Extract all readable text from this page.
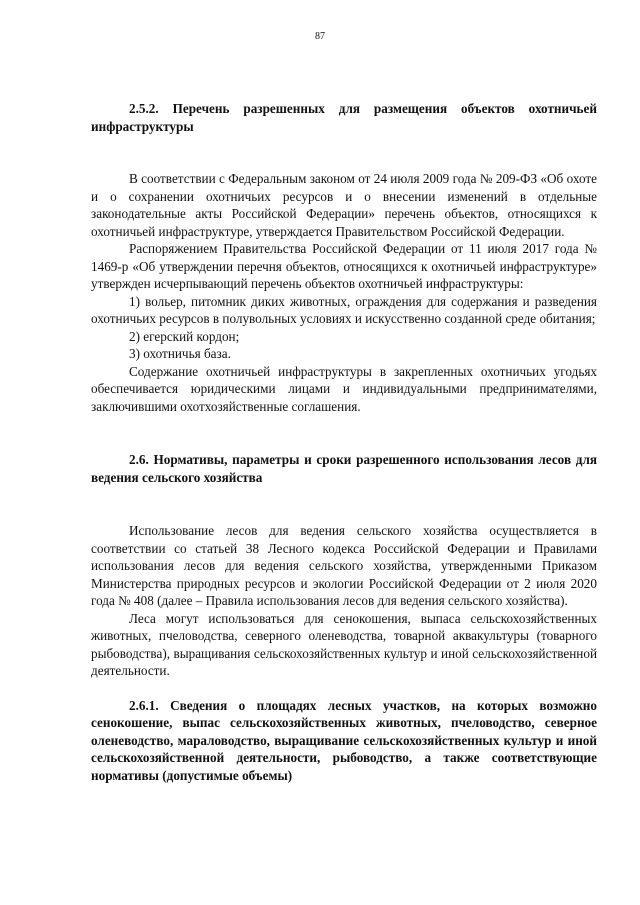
87

2.5.2. Перечень разрешенных для размещения объектов охотничьей инфраструктуры

В соответствии с Федеральным законом от 24 июля 2009 года № 209-ФЗ «Об охоте и о сохранении охотничьих ресурсов и о внесении изменений в отдельные законодательные акты Российской Федерации» перечень объектов, относящихся к охотничьей инфраструктуре, утверждается Правительством Российской Федерации.

Распоряжением Правительства Российской Федерации от 11 июля 2017 года № 1469-р «Об утверждении перечня объектов, относящихся к охотничьей инфраструктуре» утвержден исчерпывающий перечень объектов охотничьей инфраструктуры:

1) вольер, питомник диких животных, ограждения для содержания и разведения охотничьих ресурсов в полувольных условиях и искусственно созданной среде обитания;

2) егерский кордон;

3) охотничья база.

Содержание охотничьей инфраструктуры в закрепленных охотничьих угодьях обеспечивается юридическими лицами и индивидуальными предпринимателями, заключившими охотхозяйственные соглашения.

2.6. Нормативы, параметры и сроки разрешенного использования лесов для ведения сельского хозяйства

Использование лесов для ведения сельского хозяйства осуществляется в соответствии со статьей 38 Лесного кодекса Российской Федерации и Правилами использования лесов для ведения сельского хозяйства, утвержденными Приказом Министерства природных ресурсов и экологии Российской Федерации от 2 июля 2020 года № 408 (далее – Правила использования лесов для ведения сельского хозяйства).

Леса могут использоваться для сенокошения, выпаса сельскохозяйственных животных, пчеловодства, северного оленеводства, товарной аквакультуры (товарного рыбоводства), выращивания сельскохозяйственных культур и иной сельскохозяйственной деятельности.

2.6.1. Сведения о площадях лесных участков, на которых возможно сенокошение, выпас сельскохозяйственных животных, пчеловодство, северное оленеводство, мараловодство, выращивание сельскохозяйственных культур и иной сельскохозяйственной деятельности, рыбоводство, а также соответствующие нормативы (допустимые объемы)
